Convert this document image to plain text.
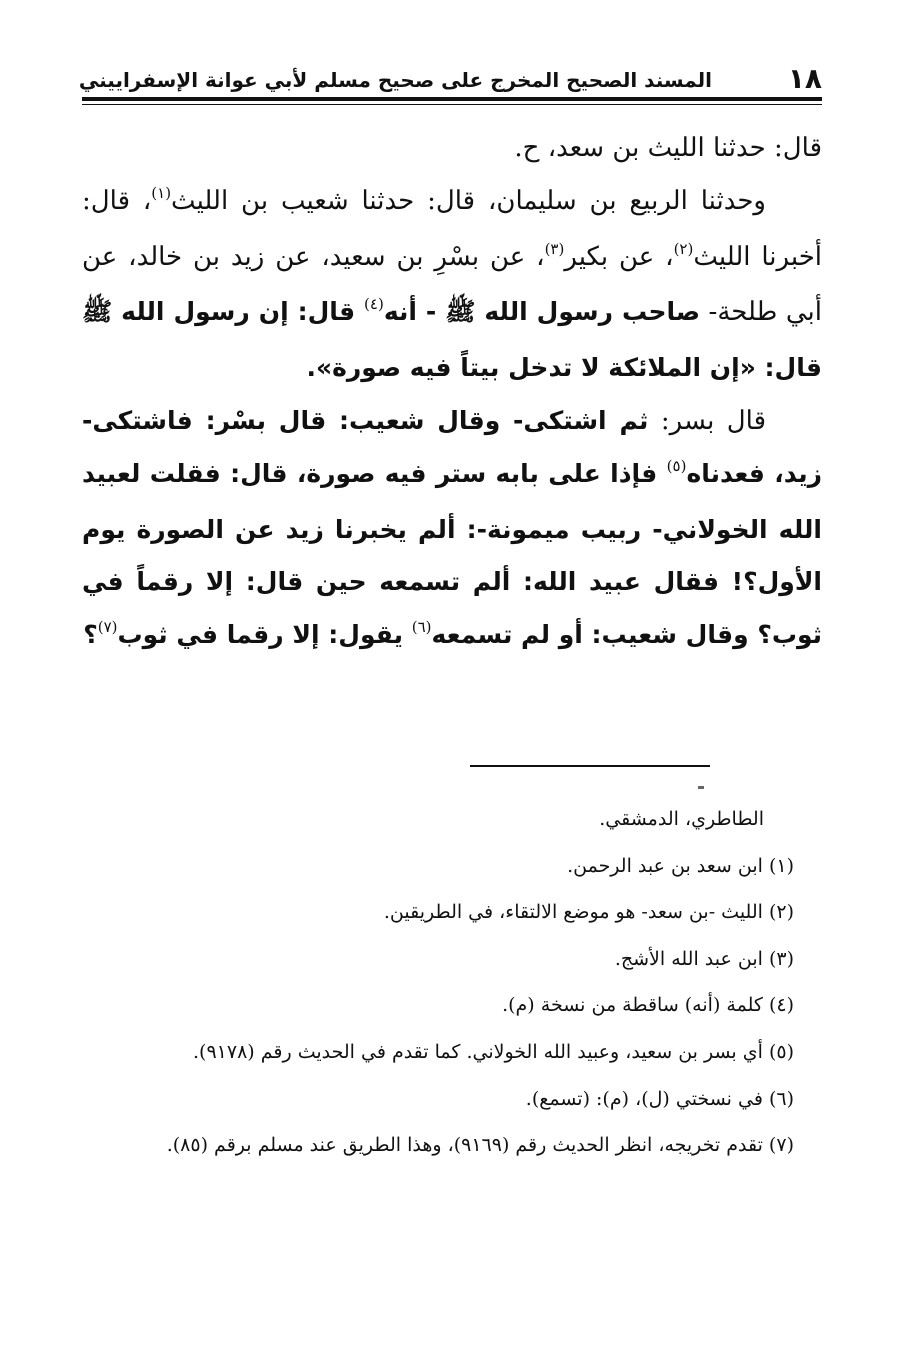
١٨
المسند الصحيح المخرج على صحيح مسلم لأبي عوانة الإسفراييني

قال: حدثنا الليث بن سعد، ح.

وحدثنا الربيع بن سليمان، قال: حدثنا شعيب بن الليث$^{(١)}$، قال: أخبرنا الليث$^{(٢)}$، عن بكير$^{(٣)}$، عن بسْرِ بن سعيد، عن زيد بن خالد، عن أبي طلحة- صاحب رسول الله ﷺ - أنه$^{(٤)}$ قال: إن رسول الله ﷺ قال: «إن الملائكة لا تدخل بيتاً فيه صورة».

قال بسر: ثم اشتكى- وقال شعيب: قال بسْر: فاشتكى- زيد، فعدناه$^{(٥)}$ فإذا على بابه ستر فيه صورة، قال: فقلت لعبيد الله الخولاني- ربيب ميمونة-: ألم يخبرنا زيد عن الصورة يوم الأول؟! فقال عبيد الله: ألم تسمعه حين قال: إلا رقماً في ثوب؟ وقال شعيب: أو لم تسمعه$^{(٦)}$ يقول: إلا رقما في ثوب$^{(٧)}$؟

الطاطري، الدمشقي.

(١) ابن سعد بن عبد الرحمن.

(٢) الليث -بن سعد- هو موضع الالتقاء، في الطريقين.

(٣) ابن عبد الله الأشج.

(٤) كلمة (أنه) ساقطة من نسخة (م).

(٥) أي بسر بن سعيد، وعبيد الله الخولاني. كما تقدم في الحديث رقم (٩١٧٨).

(٦) في نسختي (ل)، (م): (تسمع).

(٧) تقدم تخريجه، انظر الحديث رقم (٩١٦٩)، وهذا الطريق عند مسلم برقم (٨٥).
